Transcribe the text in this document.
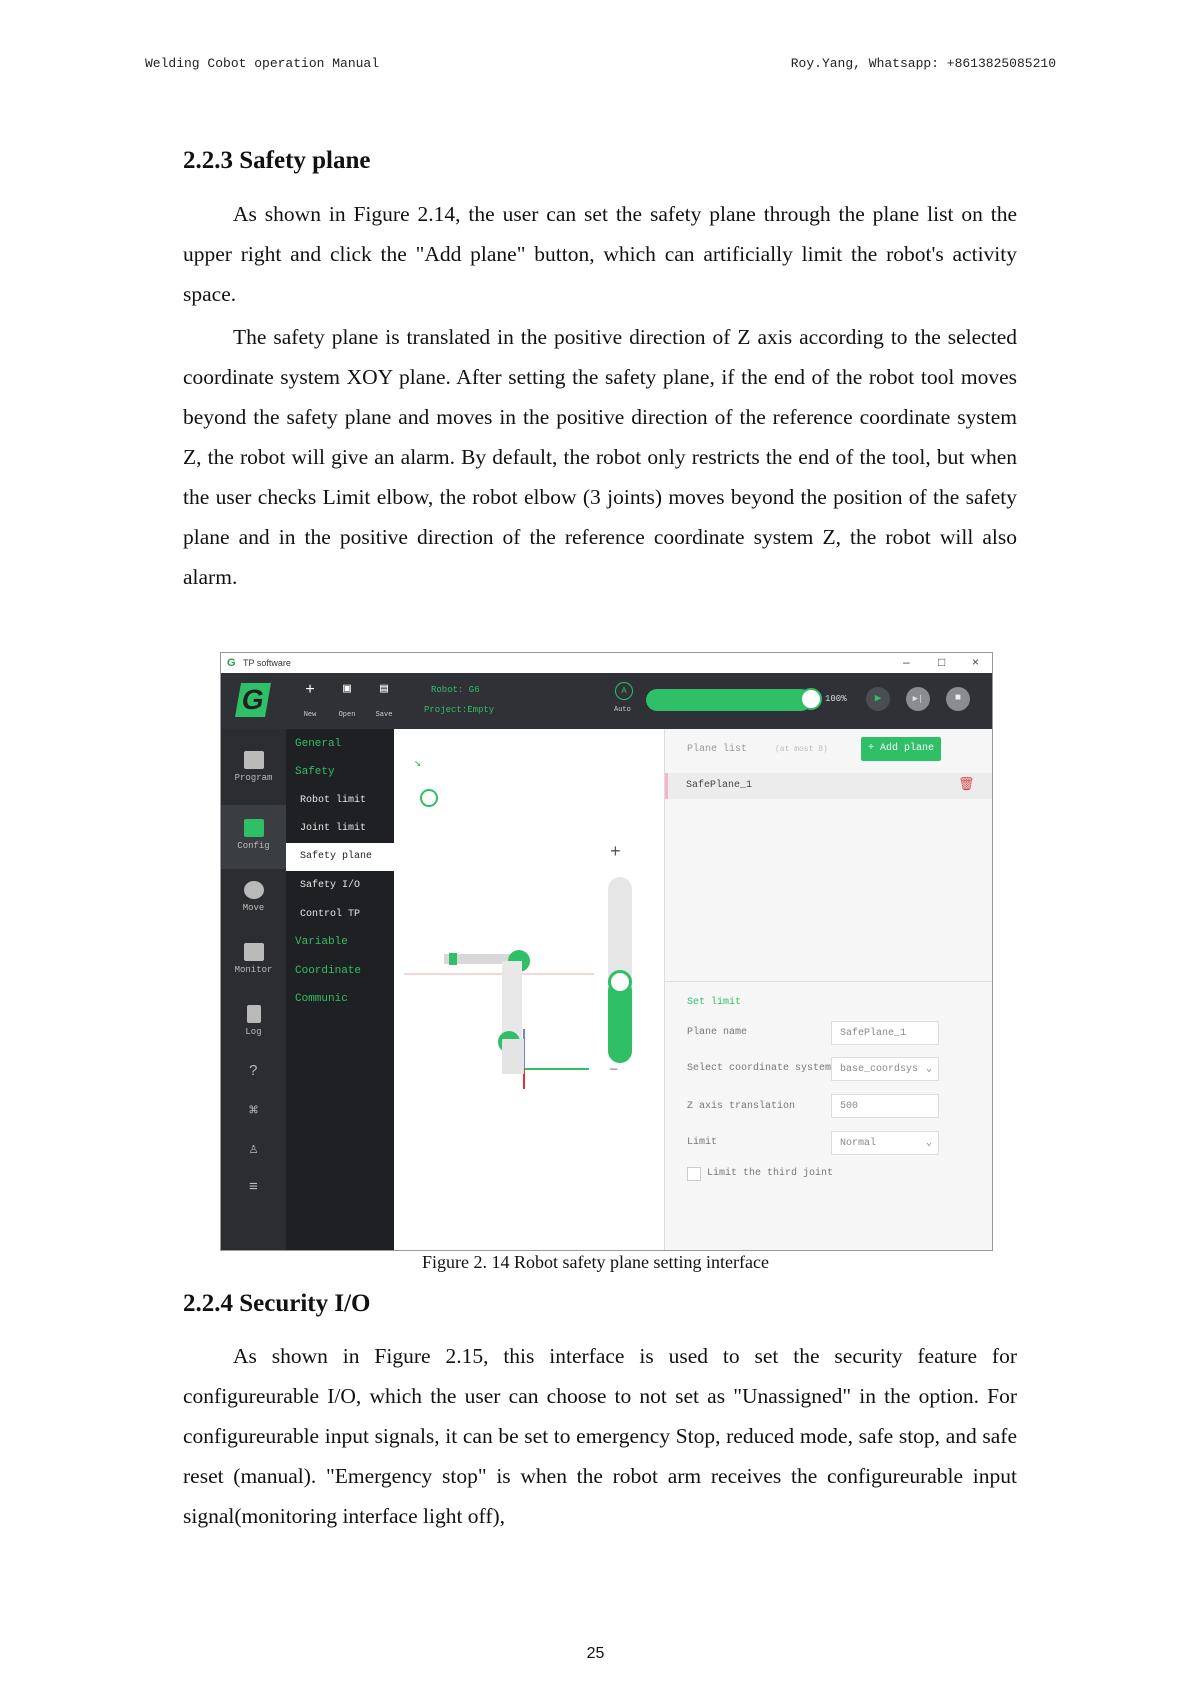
Welding Cobot operation Manual	Roy.Yang, Whatsapp: +8613825085210
2.2.3 Safety plane

As shown in Figure 2.14, the user can set the safety plane through the plane list on the upper right and click the "Add plane" button, which can artificially limit the robot's activity space.

The safety plane is translated in the positive direction of Z axis according to the selected coordinate system XOY plane. After setting the safety plane, if the end of the robot tool moves beyond the safety plane and moves in the positive direction of the reference coordinate system Z, the robot will give an alarm. By default, the robot only restricts the end of the tool, but when the user checks Limit elbow, the robot elbow (3 joints) moves beyond the position of the safety plane and in the positive direction of the reference coordinate system Z, the robot will also alarm.

G TP software	– □ ×
G	+
New
▣
Open
▤
Save
Robot: G6
Project:Empty
A
Auto
100%	▶	▶|	■
Program
Config
Move
Monitor
Log
?
⌘
♙
≡
General
Safety
Robot limit
Joint limit
Safety plane
Safety I/O
Control TP
Variable
Coordinate
Communic
↘
+
—
Plane list	(at most 8)	+ Add plane
SafePlane_1	🗑
Set limit
Plane name	SafePlane_1
Select coordinate system base_coordsys ⌄
Z axis translation	500
Limit	Normal	⌄
Limit the third joint
Figure 2. 14 Robot safety plane setting interface
2.2.4 Security I/O

As shown in Figure 2.15, this interface is used to set the security feature for configureurable I/O, which the user can choose to not set as "Unassigned" in the option. For configureurable input signals, it can be set to emergency Stop, reduced mode, safe stop, and safe reset (manual). "Emergency stop" is when the robot arm receives the configureurable input signal(monitoring interface light off),

25
